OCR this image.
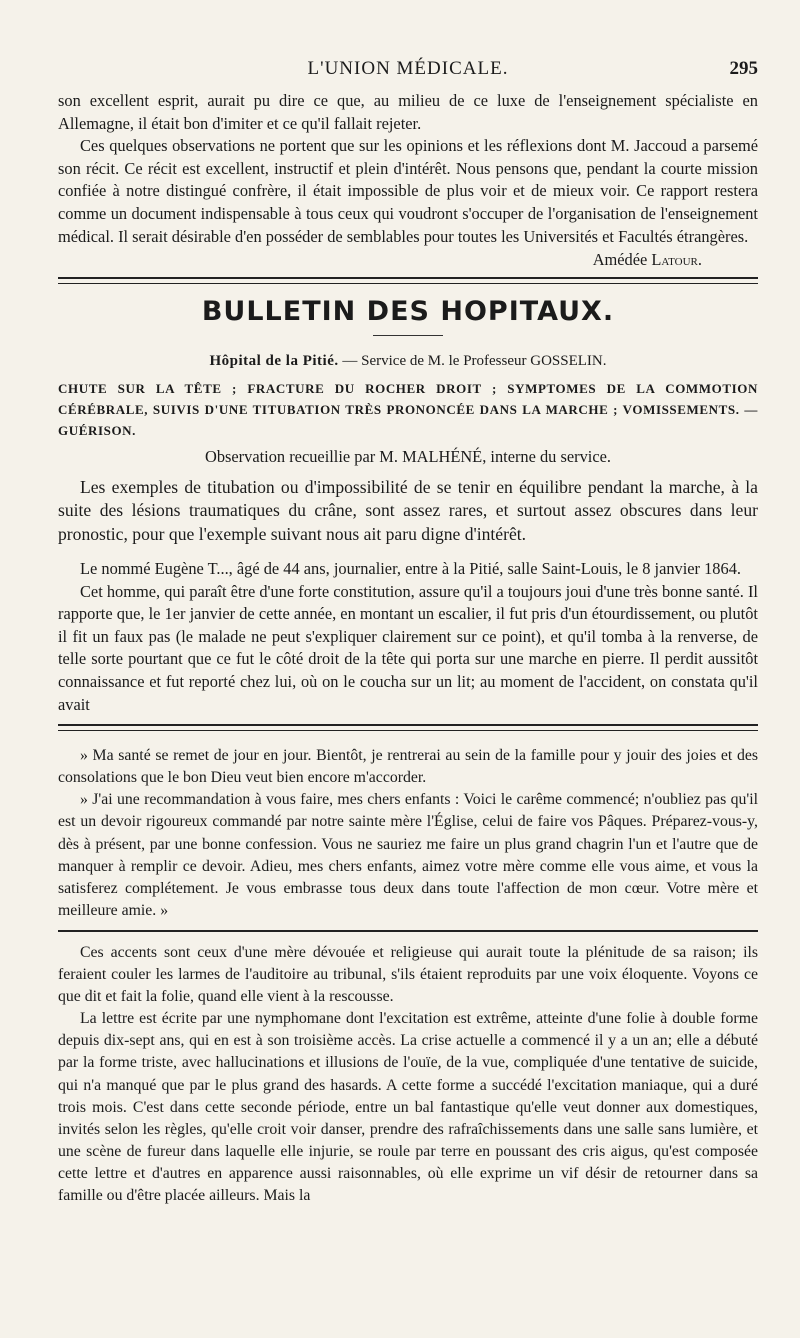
L'UNION MÉDICALE.	295

son excellent esprit, aurait pu dire ce que, au milieu de ce luxe de l'enseignement spécialiste en Allemagne, il était bon d'imiter et ce qu'il fallait rejeter.

Ces quelques observations ne portent que sur les opinions et les réflexions dont M. Jaccoud a parsemé son récit. Ce récit est excellent, instructif et plein d'intérêt. Nous pensons que, pendant la courte mission confiée à notre distingué confrère, il était impossible de plus voir et de mieux voir. Ce rapport restera comme un document indispensable à tous ceux qui voudront s'occuper de l'organisation de l'enseignement médical. Il serait désirable d'en posséder de semblables pour toutes les Universités et Facultés étrangères.

Amédée Latour.
BULLETIN DES HOPITAUX.
Hôpital de la Pitié. — Service de M. le Professeur GOSSELIN.
CHUTE SUR LA TÊTE ; FRACTURE DU ROCHER DROIT ; SYMPTOMES DE LA COMMOTION CÉRÉBRALE, SUIVIS D'UNE TITUBATION TRÈS PRONONCÉE DANS LA MARCHE ; VOMISSEMENTS. — GUÉRISON.
Observation recueillie par M. MALHÉNÉ, interne du service.

Les exemples de titubation ou d'impossibilité de se tenir en équilibre pendant la marche, à la suite des lésions traumatiques du crâne, sont assez rares, et surtout assez obscures dans leur pronostic, pour que l'exemple suivant nous ait paru digne d'intérêt.

Le nommé Eugène T..., âgé de 44 ans, journalier, entre à la Pitié, salle Saint-Louis, le 8 janvier 1864.

Cet homme, qui paraît être d'une forte constitution, assure qu'il a toujours joui d'une très bonne santé. Il rapporte que, le 1er janvier de cette année, en montant un escalier, il fut pris d'un étourdissement, ou plutôt il fit un faux pas (le malade ne peut s'expliquer clairement sur ce point), et qu'il tomba à la renverse, de telle sorte pourtant que ce fut le côté droit de la tête qui porta sur une marche en pierre. Il perdit aussitôt connaissance et fut reporté chez lui, où on le coucha sur un lit; au moment de l'accident, on constata qu'il avait

» Ma santé se remet de jour en jour. Bientôt, je rentrerai au sein de la famille pour y jouir des joies et des consolations que le bon Dieu veut bien encore m'accorder.

» J'ai une recommandation à vous faire, mes chers enfants : Voici le carême commencé; n'oubliez pas qu'il est un devoir rigoureux commandé par notre sainte mère l'Église, celui de faire vos Pâques. Préparez-vous-y, dès à présent, par une bonne confession. Vous ne sauriez me faire un plus grand chagrin l'un et l'autre que de manquer à remplir ce devoir. Adieu, mes chers enfants, aimez votre mère comme elle vous aime, et vous la satisferez complétement. Je vous embrasse tous deux dans toute l'affection de mon cœur. Votre mère et meilleure amie. »

Ces accents sont ceux d'une mère dévouée et religieuse qui aurait toute la plénitude de sa raison; ils feraient couler les larmes de l'auditoire au tribunal, s'ils étaient reproduits par une voix éloquente. Voyons ce que dit et fait la folie, quand elle vient à la rescousse.

La lettre est écrite par une nymphomane dont l'excitation est extrême, atteinte d'une folie à double forme depuis dix-sept ans, qui en est à son troisième accès. La crise actuelle a commencé il y a un an; elle a débuté par la forme triste, avec hallucinations et illusions de l'ouïe, de la vue, compliquée d'une tentative de suicide, qui n'a manqué que par le plus grand des hasards. A cette forme a succédé l'excitation maniaque, qui a duré trois mois. C'est dans cette seconde période, entre un bal fantastique qu'elle veut donner aux domestiques, invités selon les règles, qu'elle croit voir danser, prendre des rafraîchissements dans une salle sans lumière, et une scène de fureur dans laquelle elle injurie, se roule par terre en poussant des cris aigus, qu'est composée cette lettre et d'autres en apparence aussi raisonnables, où elle exprime un vif désir de retourner dans sa famille ou d'être placée ailleurs. Mais la
